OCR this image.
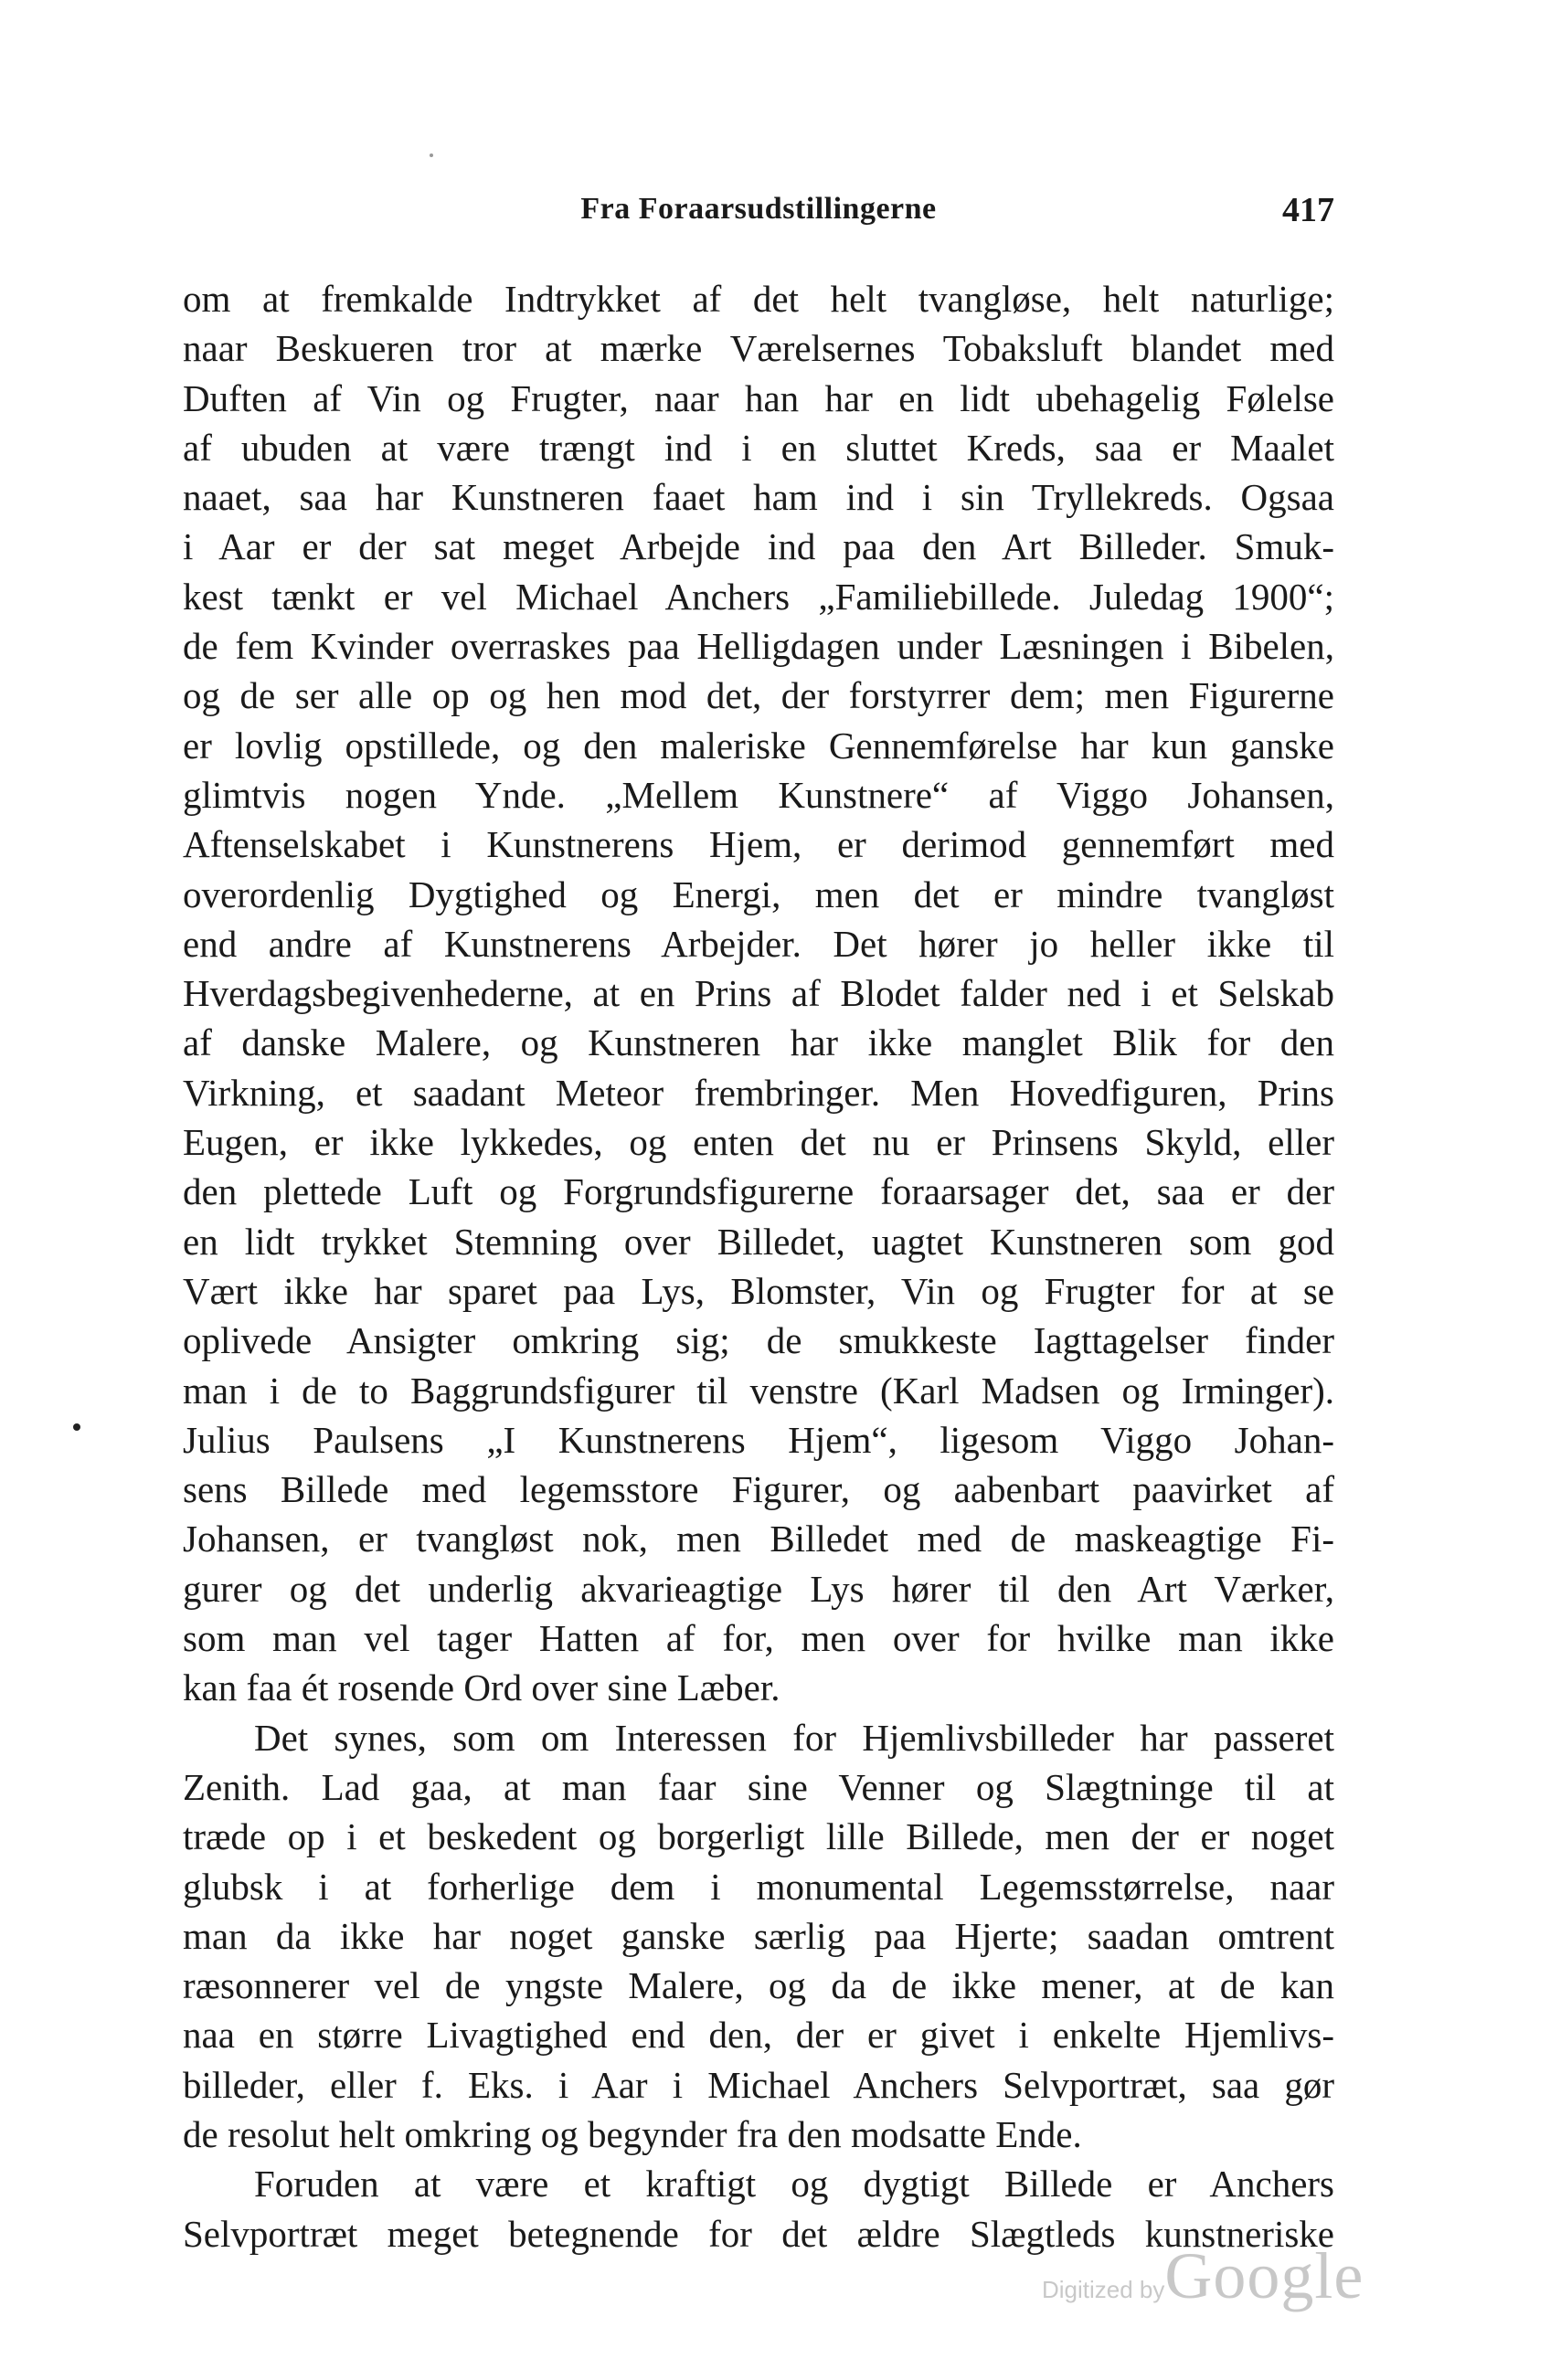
Fra Foraarsudstillingerne	417
om at fremkalde Indtrykket af det helt tvangløse, helt naturlige;
naar Beskueren tror at mærke Værelsernes Tobaksluft blandet med
Duften af Vin og Frugter, naar han har en lidt ubehagelig Følelse
af ubuden at være trængt ind i en sluttet Kreds, saa er Maalet
naaet, saa har Kunstneren faaet ham ind i sin Tryllekreds. Ogsaa
i Aar er der sat meget Arbejde ind paa den Art Billeder. Smuk-
kest tænkt er vel Michael Anchers „Familiebillede. Juledag 1900“;
de fem Kvinder overraskes paa Helligdagen under Læsningen i Bibelen,
og de ser alle op og hen mod det, der forstyrrer dem; men Figurerne
er lovlig opstillede, og den maleriske Gennemførelse har kun ganske
glimtvis nogen Ynde. „Mellem Kunstnere“ af Viggo Johansen,
Aftenselskabet i Kunstnerens Hjem, er derimod gennemført med
overordenlig Dygtighed og Energi, men det er mindre tvangløst
end andre af Kunstnerens Arbejder. Det hører jo heller ikke til
Hverdagsbegivenhederne, at en Prins af Blodet falder ned i et Selskab
af danske Malere, og Kunstneren har ikke manglet Blik for den
Virkning, et saadant Meteor frembringer. Men Hovedfiguren, Prins
Eugen, er ikke lykkedes, og enten det nu er Prinsens Skyld, eller
den plettede Luft og Forgrundsfigurerne foraarsager det, saa er der
en lidt trykket Stemning over Billedet, uagtet Kunstneren som god
Vært ikke har sparet paa Lys, Blomster, Vin og Frugter for at se
oplivede Ansigter omkring sig; de smukkeste Iagttagelser finder
man i de to Baggrundsfigurer til venstre (Karl Madsen og Irminger).
Julius Paulsens „I Kunstnerens Hjem“, ligesom Viggo Johan-
sens Billede med legemsstore Figurer, og aabenbart paavirket af
Johansen, er tvangløst nok, men Billedet med de maskeagtige Fi-
gurer og det underlig akvarieagtige Lys hører til den Art Værker,
som man vel tager Hatten af for, men over for hvilke man ikke
kan faa ét rosende Ord over sine Læber.
Det synes, som om Interessen for Hjemlivsbilleder har passeret
Zenith. Lad gaa, at man faar sine Venner og Slægtninge til at
træde op i et beskedent og borgerligt lille Billede, men der er noget
glubsk i at forherlige dem i monumental Legemsstørrelse, naar
man da ikke har noget ganske særlig paa Hjerte; saadan omtrent
ræsonnerer vel de yngste Malere, og da de ikke mener, at de kan
naa en større Livagtighed end den, der er givet i enkelte Hjemlivs-
billeder, eller f. Eks. i Aar i Michael Anchers Selvportræt, saa gør
de resolut helt omkring og begynder fra den modsatte Ende.
Foruden at være et kraftigt og dygtigt Billede er Anchers
Selvportræt meget betegnende for det ældre Slægtleds kunstneriske
Digitized byGoogle
